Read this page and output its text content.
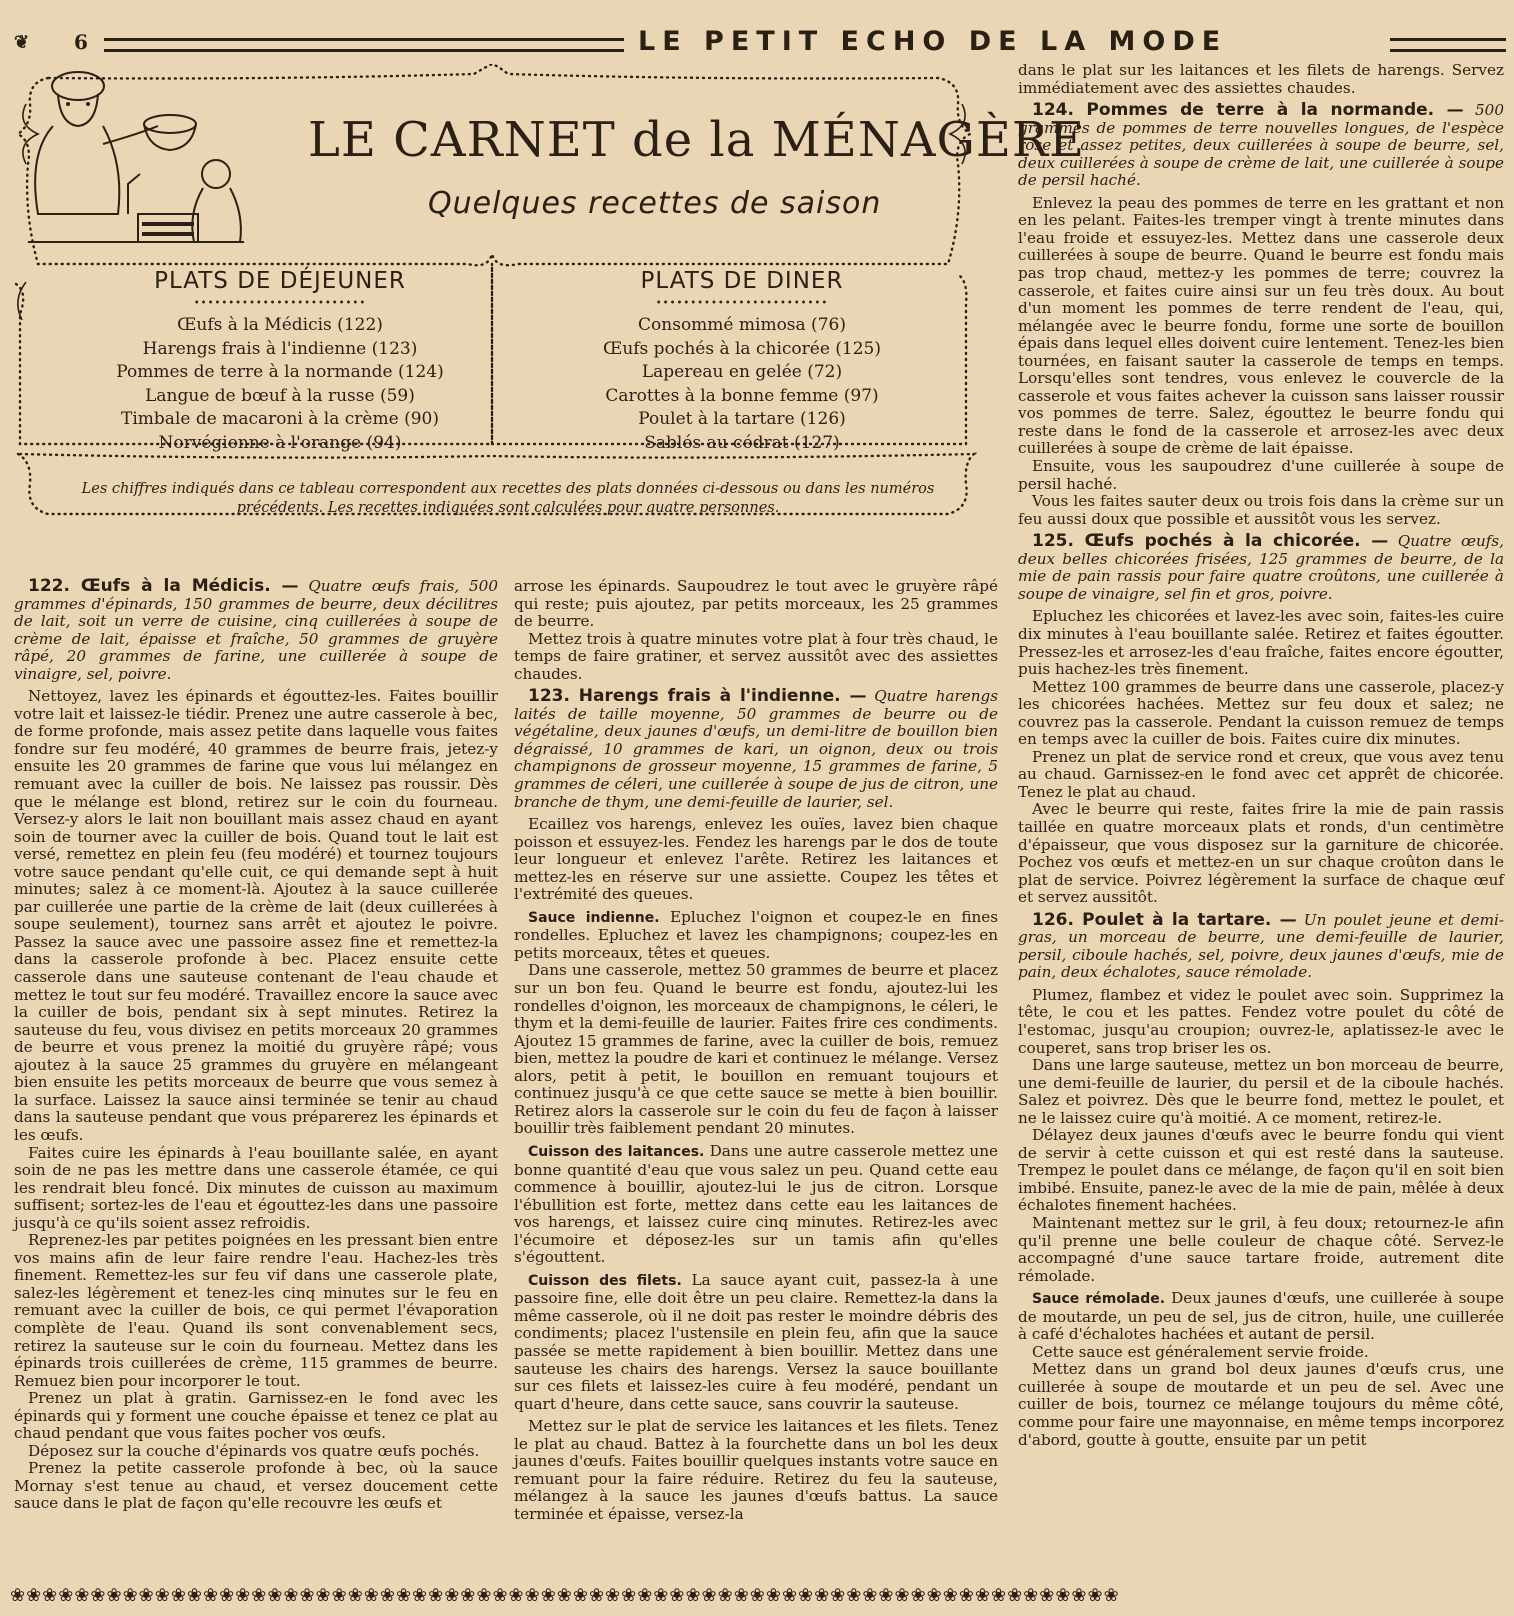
❦ 6	LE PETIT ECHO DE LA MODE
LE CARNET de la MÉNAGÈRE
Quelques recettes de saison
PLATS DE DÉJEUNER
•••••••••••••••••••••••••
Œufs à la Médicis (122)
Harengs frais à l'indienne (123)
Pommes de terre à la normande (124)
Langue de bœuf à la russe (59)
Timbale de macaroni à la crème (90)
Norvégienne à l'orange (94)
PLATS DE DINER
•••••••••••••••••••••••••
Consommé mimosa (76)
Œufs pochés à la chicorée (125)
Lapereau en gelée (72)
Carottes à la bonne femme (97)
Poulet à la tartare (126)
Sablés au cédrat (127)
Les chiffres indiqués dans ce tableau correspondent aux recettes des plats données ci-dessous ou dans les numéros précédents. Les recettes indiquées sont calculées pour quatre personnes.

122. Œufs à la Médicis. — Quatre œufs frais, 500 grammes d'épinards, 150 grammes de beurre, deux décilitres de lait, soit un verre de cuisine, cinq cuillerées à soupe de crème de lait, épaisse et fraîche, 50 grammes de gruyère râpé, 20 grammes de farine, une cuillerée à soupe de vinaigre, sel, poivre.

Nettoyez, lavez les épinards et égouttez-les. Faites bouillir votre lait et laissez-le tiédir. Prenez une autre casserole à bec, de forme profonde, mais assez petite dans laquelle vous faites fondre sur feu modéré, 40 grammes de beurre frais, jetez-y ensuite les 20 grammes de farine que vous lui mélangez en remuant avec la cuiller de bois. Ne laissez pas roussir. Dès que le mélange est blond, retirez sur le coin du fourneau. Versez-y alors le lait non bouillant mais assez chaud en ayant soin de tourner avec la cuiller de bois. Quand tout le lait est versé, remettez en plein feu (feu modéré) et tournez toujours votre sauce pendant qu'elle cuit, ce qui demande sept à huit minutes; salez à ce moment-là. Ajoutez à la sauce cuillerée par cuillerée une partie de la crème de lait (deux cuillerées à soupe seulement), tournez sans arrêt et ajoutez le poivre. Passez la sauce avec une passoire assez fine et remettez-la dans la casserole profonde à bec. Placez ensuite cette casserole dans une sauteuse contenant de l'eau chaude et mettez le tout sur feu modéré. Travaillez encore la sauce avec la cuiller de bois, pendant six à sept minutes. Retirez la sauteuse du feu, vous divisez en petits morceaux 20 grammes de beurre et vous prenez la moitié du gruyère râpé; vous ajoutez à la sauce 25 grammes du gruyère en mélangeant bien ensuite les petits morceaux de beurre que vous semez à la surface. Laissez la sauce ainsi terminée se tenir au chaud dans la sauteuse pendant que vous préparerez les épinards et les œufs.

Faites cuire les épinards à l'eau bouillante salée, en ayant soin de ne pas les mettre dans une casserole étamée, ce qui les rendrait bleu foncé. Dix minutes de cuisson au maximum suffisent; sortez-les de l'eau et égouttez-les dans une passoire jusqu'à ce qu'ils soient assez refroidis.

Reprenez-les par petites poignées en les pressant bien entre vos mains afin de leur faire rendre l'eau. Hachez-les très finement. Remettez-les sur feu vif dans une casserole plate, salez-les légèrement et tenez-les cinq minutes sur le feu en remuant avec la cuiller de bois, ce qui permet l'évaporation complète de l'eau. Quand ils sont convenablement secs, retirez la sauteuse sur le coin du fourneau. Mettez dans les épinards trois cuillerées de crème, 115 grammes de beurre. Remuez bien pour incorporer le tout.

Prenez un plat à gratin. Garnissez-en le fond avec les épinards qui y forment une couche épaisse et tenez ce plat au chaud pendant que vous faites pocher vos œufs.

Déposez sur la couche d'épinards vos quatre œufs pochés.

Prenez la petite casserole profonde à bec, où la sauce Mornay s'est tenue au chaud, et versez doucement cette sauce dans le plat de façon qu'elle recouvre les œufs et

arrose les épinards. Saupoudrez le tout avec le gruyère râpé qui reste; puis ajoutez, par petits morceaux, les 25 grammes de beurre.

Mettez trois à quatre minutes votre plat à four très chaud, le temps de faire gratiner, et servez aussitôt avec des assiettes chaudes.

123. Harengs frais à l'indienne. — Quatre harengs laités de taille moyenne, 50 grammes de beurre ou de végétaline, deux jaunes d'œufs, un demi-litre de bouillon bien dégraissé, 10 grammes de kari, un oignon, deux ou trois champignons de grosseur moyenne, 15 grammes de farine, 5 grammes de céleri, une cuillerée à soupe de jus de citron, une branche de thym, une demi-feuille de laurier, sel.

Ecaillez vos harengs, enlevez les ouïes, lavez bien chaque poisson et essuyez-les. Fendez les harengs par le dos de toute leur longueur et enlevez l'arête. Retirez les laitances et mettez-les en réserve sur une assiette. Coupez les têtes et l'extrémité des queues.

Sauce indienne. Epluchez l'oignon et coupez-le en fines rondelles. Epluchez et lavez les champignons; coupez-les en petits morceaux, têtes et queues.

Dans une casserole, mettez 50 grammes de beurre et placez sur un bon feu. Quand le beurre est fondu, ajoutez-lui les rondelles d'oignon, les morceaux de champignons, le céleri, le thym et la demi-feuille de laurier. Faites frire ces condiments. Ajoutez 15 grammes de farine, avec la cuiller de bois, remuez bien, mettez la poudre de kari et continuez le mélange. Versez alors, petit à petit, le bouillon en remuant toujours et continuez jusqu'à ce que cette sauce se mette à bien bouillir. Retirez alors la casserole sur le coin du feu de façon à laisser bouillir très faiblement pendant 20 minutes.

Cuisson des laitances. Dans une autre casserole mettez une bonne quantité d'eau que vous salez un peu. Quand cette eau commence à bouillir, ajoutez-lui le jus de citron. Lorsque l'ébullition est forte, mettez dans cette eau les laitances de vos harengs, et laissez cuire cinq minutes. Retirez-les avec l'écumoire et déposez-les sur un tamis afin qu'elles s'égouttent.

Cuisson des filets. La sauce ayant cuit, passez-la à une passoire fine, elle doit être un peu claire. Remettez-la dans la même casserole, où il ne doit pas rester le moindre débris des condiments; placez l'ustensile en plein feu, afin que la sauce passée se mette rapidement à bien bouillir. Mettez dans une sauteuse les chairs des harengs. Versez la sauce bouillante sur ces filets et laissez-les cuire à feu modéré, pendant un quart d'heure, dans cette sauce, sans couvrir la sauteuse.

Mettez sur le plat de service les laitances et les filets. Tenez le plat au chaud. Battez à la fourchette dans un bol les deux jaunes d'œufs. Faites bouillir quelques instants votre sauce en remuant pour la faire réduire. Retirez du feu la sauteuse, mélangez à la sauce les jaunes d'œufs battus. La sauce terminée et épaisse, versez-la

dans le plat sur les laitances et les filets de harengs. Servez immédiatement avec des assiettes chaudes.

124. Pommes de terre à la normande. — 500 grammes de pommes de terre nouvelles longues, de l'espèce rose et assez petites, deux cuillerées à soupe de beurre, sel, deux cuillerées à soupe de crème de lait, une cuillerée à soupe de persil haché.

Enlevez la peau des pommes de terre en les grattant et non en les pelant. Faites-les tremper vingt à trente minutes dans l'eau froide et essuyez-les. Mettez dans une casserole deux cuillerées à soupe de beurre. Quand le beurre est fondu mais pas trop chaud, mettez-y les pommes de terre; couvrez la casserole, et faites cuire ainsi sur un feu très doux. Au bout d'un moment les pommes de terre rendent de l'eau, qui, mélangée avec le beurre fondu, forme une sorte de bouillon épais dans lequel elles doivent cuire lentement. Tenez-les bien tournées, en faisant sauter la casserole de temps en temps. Lorsqu'elles sont tendres, vous enlevez le couvercle de la casserole et vous faites achever la cuisson sans laisser roussir vos pommes de terre. Salez, égouttez le beurre fondu qui reste dans le fond de la casserole et arrosez-les avec deux cuillerées à soupe de crème de lait épaisse.

Ensuite, vous les saupoudrez d'une cuillerée à soupe de persil haché.

Vous les faites sauter deux ou trois fois dans la crème sur un feu aussi doux que possible et aussitôt vous les servez.

125. Œufs pochés à la chicorée. — Quatre œufs, deux belles chicorées frisées, 125 grammes de beurre, de la mie de pain rassis pour faire quatre croûtons, une cuillerée à soupe de vinaigre, sel fin et gros, poivre.

Epluchez les chicorées et lavez-les avec soin, faites-les cuire dix minutes à l'eau bouillante salée. Retirez et faites égoutter. Pressez-les et arrosez-les d'eau fraîche, faites encore égoutter, puis hachez-les très finement.

Mettez 100 grammes de beurre dans une casserole, placez-y les chicorées hachées. Mettez sur feu doux et salez; ne couvrez pas la casserole. Pendant la cuisson remuez de temps en temps avec la cuiller de bois. Faites cuire dix minutes.

Prenez un plat de service rond et creux, que vous avez tenu au chaud. Garnissez-en le fond avec cet apprêt de chicorée. Tenez le plat au chaud.

Avec le beurre qui reste, faites frire la mie de pain rassis taillée en quatre morceaux plats et ronds, d'un centimètre d'épaisseur, que vous disposez sur la garniture de chicorée. Pochez vos œufs et mettez-en un sur chaque croûton dans le plat de service. Poivrez légèrement la surface de chaque œuf et servez aussitôt.

126. Poulet à la tartare. — Un poulet jeune et demi-gras, un morceau de beurre, une demi-feuille de laurier, persil, ciboule hachés, sel, poivre, deux jaunes d'œufs, mie de pain, deux échalotes, sauce rémolade.

Plumez, flambez et videz le poulet avec soin. Supprimez la tête, le cou et les pattes. Fendez votre poulet du côté de l'estomac, jusqu'au croupion; ouvrez-le, aplatissez-le avec le couperet, sans trop briser les os.

Dans une large sauteuse, mettez un bon morceau de beurre, une demi-feuille de laurier, du persil et de la ciboule hachés. Salez et poivrez. Dès que le beurre fond, mettez le poulet, et ne le laissez cuire qu'à moitié. A ce moment, retirez-le.

Délayez deux jaunes d'œufs avec le beurre fondu qui vient de servir à cette cuisson et qui est resté dans la sauteuse. Trempez le poulet dans ce mélange, de façon qu'il en soit bien imbibé. Ensuite, panez-le avec de la mie de pain, mêlée à deux échalotes finement hachées.

Maintenant mettez sur le gril, à feu doux; retournez-le afin qu'il prenne une belle couleur de chaque côté. Servez-le accompagné d'une sauce tartare froide, autrement dite rémolade.

Sauce rémolade. Deux jaunes d'œufs, une cuillerée à soupe de moutarde, un peu de sel, jus de citron, huile, une cuillerée à café d'échalotes hachées et autant de persil.

Cette sauce est généralement servie froide.

Mettez dans un grand bol deux jaunes d'œufs crus, une cuillerée à soupe de moutarde et un peu de sel. Avec une cuiller de bois, tournez ce mélange toujours du même côté, comme pour faire une mayonnaise, en même temps incorporez d'abord, goutte à goutte, ensuite par un petit

❀❀❀❀❀❀❀❀❀❀❀❀❀❀❀❀❀❀❀❀❀❀❀❀❀❀❀❀❀❀❀❀❀❀❀❀❀❀❀❀❀❀❀❀❀❀❀❀❀❀❀❀❀❀❀❀❀❀❀❀❀❀❀❀❀❀❀❀❀
